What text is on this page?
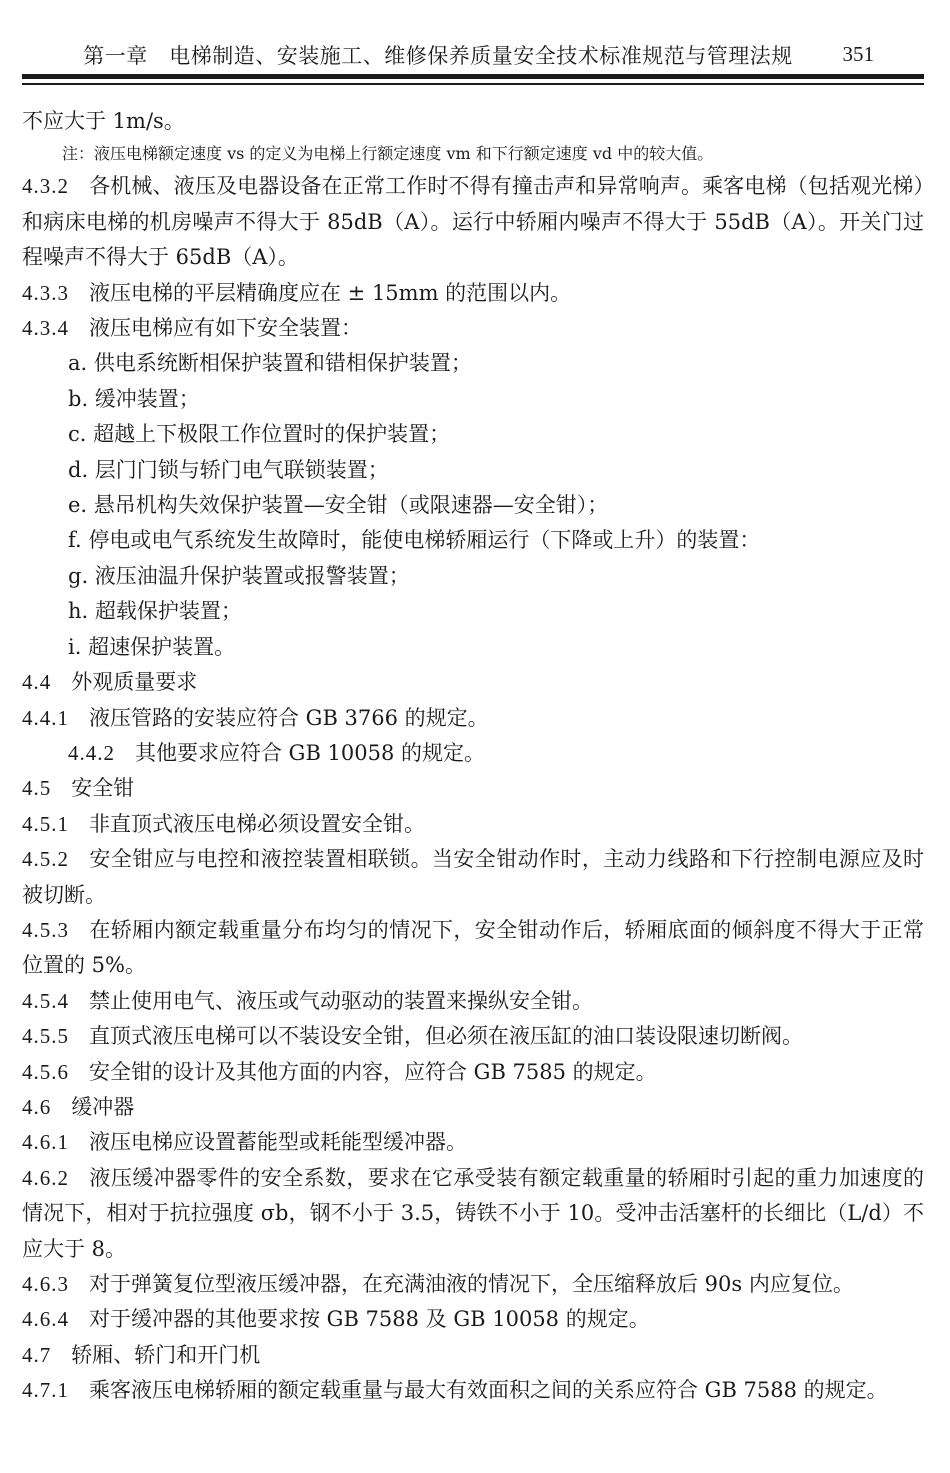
第一章　电梯制造、安装施工、维修保养质量安全技术标准规范与管理法规	351

不应大于 1m/s。

注：液压电梯额定速度 vs 的定义为电梯上行额定速度 vm 和下行额定速度 vd 中的较大值。

4.3.2 各机械、液压及电器设备在正常工作时不得有撞击声和异常响声。乘客电梯（包括观光梯）和病床电梯的机房噪声不得大于 85dB（A）。运行中轿厢内噪声不得大于 55dB（A）。开关门过程噪声不得大于 65dB（A）。

4.3.3 液压电梯的平层精确度应在 ± 15mm 的范围以内。

4.3.4 液压电梯应有如下安全装置：

a. 供电系统断相保护装置和错相保护装置；

b. 缓冲装置；

c. 超越上下极限工作位置时的保护装置；

d. 层门门锁与轿门电气联锁装置；

e. 悬吊机构失效保护装置—安全钳（或限速器—安全钳）；

f. 停电或电气系统发生故障时，能使电梯轿厢运行（下降或上升）的装置：

g. 液压油温升保护装置或报警装置；

h. 超载保护装置；

i. 超速保护装置。

4.4 外观质量要求

4.4.1 液压管路的安装应符合 GB 3766 的规定。

4.4.2 其他要求应符合 GB 10058 的规定。

4.5 安全钳

4.5.1 非直顶式液压电梯必须设置安全钳。

4.5.2 安全钳应与电控和液控装置相联锁。当安全钳动作时，主动力线路和下行控制电源应及时被切断。

4.5.3 在轿厢内额定载重量分布均匀的情况下，安全钳动作后，轿厢底面的倾斜度不得大于正常位置的 5%。

4.5.4 禁止使用电气、液压或气动驱动的装置来操纵安全钳。

4.5.5 直顶式液压电梯可以不装设安全钳，但必须在液压缸的油口装设限速切断阀。

4.5.6 安全钳的设计及其他方面的内容，应符合 GB 7585 的规定。

4.6 缓冲器

4.6.1 液压电梯应设置蓄能型或耗能型缓冲器。

4.6.2 液压缓冲器零件的安全系数，要求在它承受装有额定载重量的轿厢时引起的重力加速度的情况下，相对于抗拉强度 σb，钢不小于 3.5，铸铁不小于 10。受冲击活塞杆的长细比（L/d）不应大于 8。

4.6.3 对于弹簧复位型液压缓冲器，在充满油液的情况下，全压缩释放后 90s 内应复位。

4.6.4 对于缓冲器的其他要求按 GB 7588 及 GB 10058 的规定。

4.7 轿厢、轿门和开门机

4.7.1 乘客液压电梯轿厢的额定载重量与最大有效面积之间的关系应符合 GB 7588 的规定。
